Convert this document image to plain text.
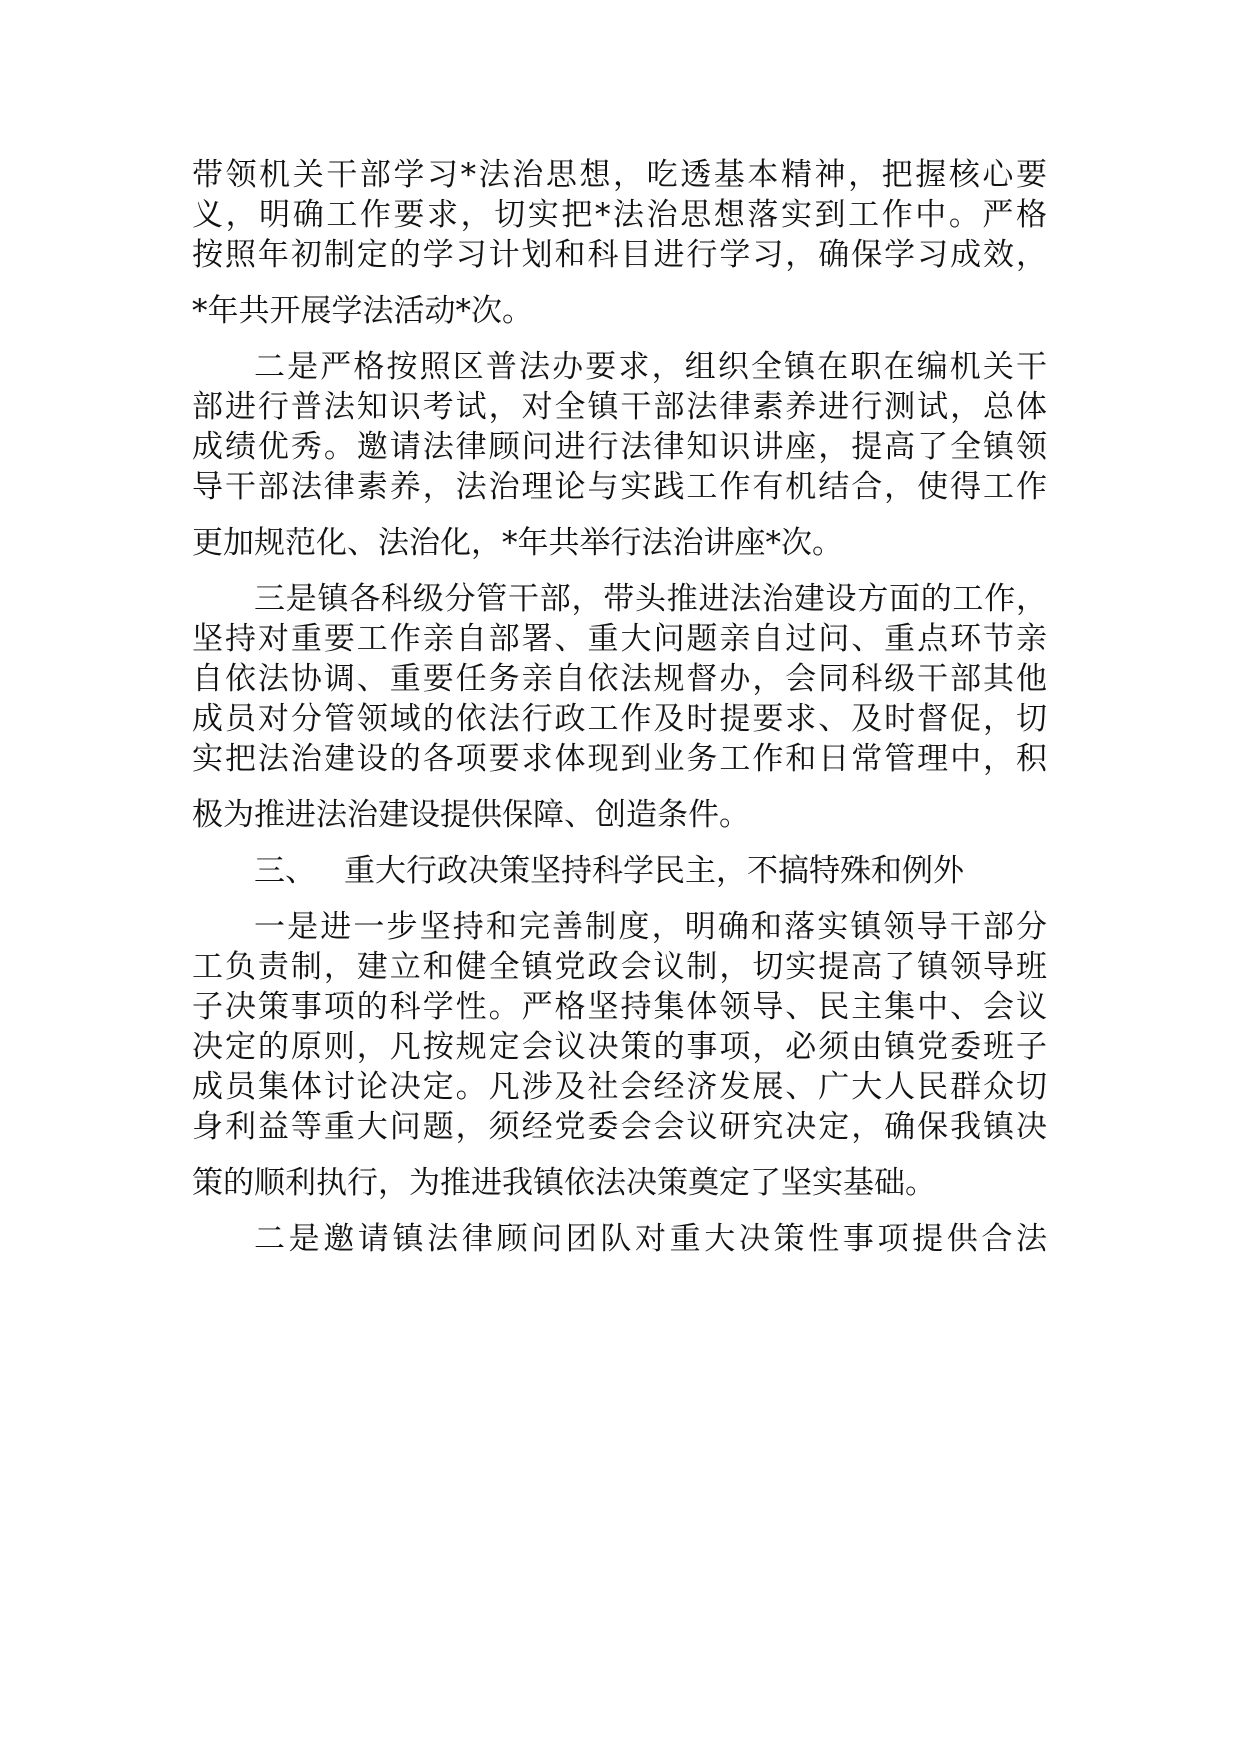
带领机关干部学习*法治思想，吃透基本精神，把握核心要
义，明确工作要求，切实把*法治思想落实到工作中。严格
按照年初制定的学习计划和科目进行学习，确保学习成效，
*年共开展学法活动*次。
二是严格按照区普法办要求，组织全镇在职在编机关干
部进行普法知识考试，对全镇干部法律素养进行测试，总体
成绩优秀。邀请法律顾问进行法律知识讲座，提高了全镇领
导干部法律素养，法治理论与实践工作有机结合，使得工作
更加规范化、法治化，*年共举行法治讲座*次。
三是镇各科级分管干部，带头推进法治建设方面的工作，
坚持对重要工作亲自部署、重大问题亲自过问、重点环节亲
自依法协调、重要任务亲自依法规督办，会同科级干部其他
成员对分管领域的依法行政工作及时提要求、及时督促，切
实把法治建设的各项要求体现到业务工作和日常管理中，积
极为推进法治建设提供保障、创造条件。
三、 重大行政决策坚持科学民主，不搞特殊和例外
一是进一步坚持和完善制度，明确和落实镇领导干部分
工负责制，建立和健全镇党政会议制，切实提高了镇领导班
子决策事项的科学性。严格坚持集体领导、民主集中、会议
决定的原则，凡按规定会议决策的事项，必须由镇党委班子
成员集体讨论决定。凡涉及社会经济发展、广大人民群众切
身利益等重大问题，须经党委会会议研究决定，确保我镇决
策的顺利执行，为推进我镇依法决策奠定了坚实基础。
二是邀请镇法律顾问团队对重大决策性事项提供合法
